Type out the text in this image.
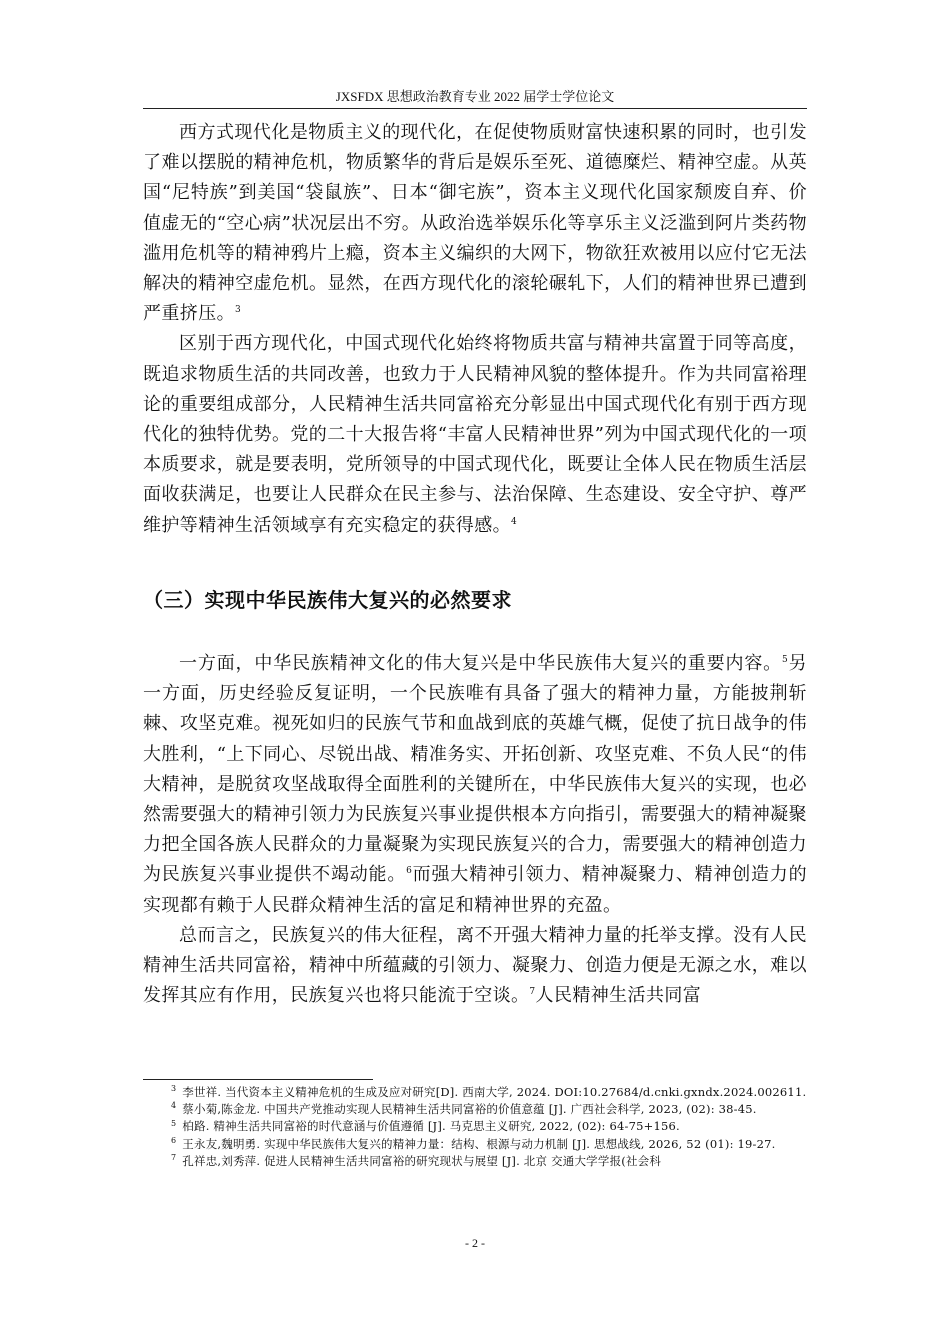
JXSFDX 思想政治教育专业 2022 届学士学位论文

西方式现代化是物质主义的现代化，在促使物质财富快速积累的同时，也引发了难以摆脱的精神危机，物质繁华的背后是娱乐至死、道德糜烂、精神空虚。从英国“尼特族”到美国“袋鼠族”、日本“御宅族”，资本主义现代化国家颓废自弃、价值虚无的“空心病”状况层出不穷。从政治选举娱乐化等享乐主义泛滥到阿片类药物滥用危机等的精神鸦片上瘾，资本主义编织的大网下，物欲狂欢被用以应付它无法解决的精神空虚危机。显然，在西方现代化的滚轮碾轧下，人们的精神世界已遭到严重挤压。$^3$

区别于西方现代化，中国式现代化始终将物质共富与精神共富置于同等高度，既追求物质生活的共同改善，也致力于人民精神风貌的整体提升。作为共同富裕理论的重要组成部分，人民精神生活共同富裕充分彰显出中国式现代化有别于西方现代化的独特优势。党的二十大报告将“丰富人民精神世界”列为中国式现代化的一项本质要求，就是要表明，党所领导的中国式现代化，既要让全体人民在物质生活层面收获满足，也要让人民群众在民主参与、法治保障、生态建设、安全守护、尊严维护等精神生活领域享有充实稳定的获得感。$^4$

（三）实现中华民族伟大复兴的必然要求

一方面，中华民族精神文化的伟大复兴是中华民族伟大复兴的重要内容。$^5$另一方面，历史经验反复证明，一个民族唯有具备了强大的精神力量，方能披荆斩棘、攻坚克难。视死如归的民族气节和血战到底的英雄气概，促使了抗日战争的伟大胜利，“上下同心、尽锐出战、精准务实、开拓创新、攻坚克难、不负人民“的伟大精神，是脱贫攻坚战取得全面胜利的关键所在，中华民族伟大复兴的实现，也必然需要强大的精神引领力为民族复兴事业提供根本方向指引，需要强大的精神凝聚力把全国各族人民群众的力量凝聚为实现民族复兴的合力，需要强大的精神创造力为民族复兴事业提供不竭动能。$^6$而强大精神引领力、精神凝聚力、精神创造力的实现都有赖于人民群众精神生活的富足和精神世界的充盈。

总而言之，民族复兴的伟大征程，离不开强大精神力量的托举支撑。没有人民精神生活共同富裕，精神中所蕴藏的引领力、凝聚力、创造力便是无源之水，难以发挥其应有作用，民族复兴也将只能流于空谈。$^7$人民精神生活共同富

$^3$ 李世祥. 当代资本主义精神危机的生成及应对研究[D]. 西南大学, 2024. DOI:10.27684/d.cnki.gxndx.2024.002611.

$^4$ 蔡小菊,陈金龙. 中国共产党推动实现人民精神生活共同富裕的价值意蕴 [J]. 广西社会科学, 2023, (02): 38-45.

$^5$ 柏路. 精神生活共同富裕的时代意涵与价值遵循 [J]. 马克思主义研究, 2022, (02): 64-75+156.

$^6$ 王永友,魏明勇. 实现中华民族伟大复兴的精神力量：结构、根源与动力机制 [J]. 思想战线, 2026, 52 (01): 19-27.

$^7$ 孔祥忠,刘秀萍. 促进人民精神生活共同富裕的研究现状与展望 [J]. 北京 交通大学学报(社会科

- 2 -
